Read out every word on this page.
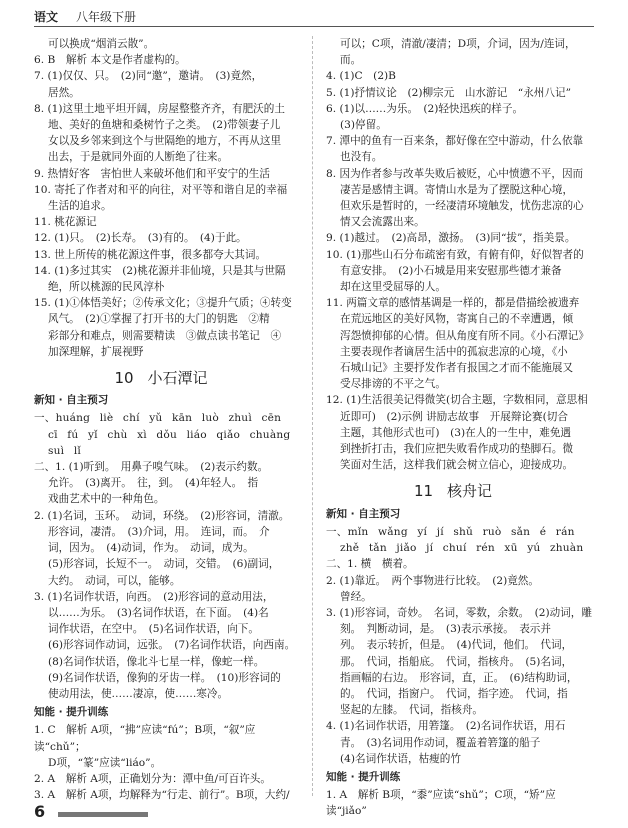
语文 八年级下册
可以换成“烟消云散”。
6. B　解析 本文是作者虚构的。
7. (1)仅仅、只。　(2)同“邀”，邀请。　(3)竟然，
居然。
8. (1)这里土地平坦开阔，房屋整整齐齐，有肥沃的土
地、美好的鱼塘和桑树竹子之类。　(2)带领妻子儿
女以及乡邻来到这个与世隔绝的地方，不再从这里
出去，于是就同外面的人断绝了往来。
9. 热情好客　害怕世人来破坏他们和平安宁的生活
10. 寄托了作者对和平的向往，对平等和谐自足的幸福
生活的追求。
11. 桃花源记
12. (1)只。　(2)长寿。　(3)有的。　(4)于此。
13. 世上所传的桃花源这件事，很多都夸大其词。
14. (1)多过其实　(2)桃花源并非仙境，只是其与世隔
绝，所以桃源的民风淳朴
15. (1)①体悟美好；②传承文化；③提升气质；④转变
风气。　(2)①掌握了打开书的大门的钥匙　②精
彩部分和难点，则需要精读　③做点读书笔记　④
加深理解，扩展视野
10 小石潭记
新知 · 自主预习
一、huáng liè chí yǔ kān luò zhuì cēn
cī fú yǐ chù xì dǒu liáo qiǎo chuàng
suì lǐ
二、1. (1)听到。　用鼻子嗅气味。　(2)表示约数。
允许。　(3)离开。　往，到。　(4)年轻人。　指
戏曲艺术中的一种角色。
2. (1)名词，玉环。　动词，环绕。　(2)形容词，清澈。
形容词，凄清。　(3)介词，用。　连词，而。　介
词，因为。　(4)动词，作为。　动词，成为。
(5)形容词，长短不一。　动词，交错。　(6)副词，
大约。　动词，可以，能够。
3. (1)名词作状语，向西。　(2)形容词的意动用法，
以……为乐。　(3)名词作状语，在下面。　(4)名
词作状语，在空中。　(5)名词作状语，向下。
(6)形容词作动词，远张。　(7)名词作状语，向西南。
(8)名词作状语，像北斗七星一样，像蛇一样。
(9)名词作状语，像狗的牙齿一样。　(10)形容词的
使动用法，使……凄凉，使……寒冷。
知能 · 提升训练
1. C　解析 A项，“拂”应读“fú”；B项，“叙”应读“chǔ”；
D项，“篆”应读“liáo”。
2. A　解析 A项，正确划分为：潭中鱼/可百许头。
3. A　解析 A项，均解释为“行走、前行”。B项，大约/
可以；C项，清澈/凄清；D项，介词，因为/连词，而。
4. (1)C　(2)B
5. (1)抒情议论　(2)柳宗元　山水游记　“永州八记”
6. (1)以……为乐。　(2)轻快迅疾的样子。
(3)停留。
7. 潭中的鱼有一百来条，都好像在空中游动，什么依靠
也没有。
8. 因为作者参与改革失败后被贬，心中愤懑不平，因而
凄苦是感情主调。寄情山水是为了摆脱这种心境，
但欢乐是暂时的，一经凄清环境触发，忧伤悲凉的心
情又会流露出来。
9. (1)越过。　(2)高昂，激扬。　(3)同“拔”，指美景。
10. (1)那些山石分布疏密有致，有俯有仰，好似智者的
有意安排。　(2)小石城是用来安慰那些德才兼备
却在这里受屈辱的人。
11. 两篇文章的感情基调是一样的，都是借描绘被遗弃
在荒远地区的美好风物，寄寓自己的不幸遭遇，倾
泻怨愤抑郁的心情。但从角度有所不同。《小石潭记》
主要表现作者谪居生活中的孤寂悲凉的心境，《小
石城山记》主要抒发作者有报国之才而不能施展又
受尽排谤的不平之气。
12. (1)生活很美记得微笑(切合主题，字数相同，意思相
近即可)　(2)示例 讲励志故事　开展辩论赛(切合
主题，其他形式也可)　(3)在人的一生中，难免遇
到挫折打击，我们应把失败看作成功的垫脚石。微
笑面对生活，这样我们就会树立信心，迎接成功。
11 核舟记
新知 · 自主预习
一、mǐn wǎng yí jí shǔ ruò sǎn é rán
zhě tǎn jiǎo jí chuí rén xū yú zhuàn
二、1. 横　横着。
2. (1)靠近。　两个事物进行比较。　(2)竟然。
曾经。
3. (1)形容词，奇妙。　名词，零数，余数。　(2)动词，雕
刻。　判断动词，是。　(3)表示承接。　表示并
列。　表示转折，但是。　(4)代词，他们。　代词，
那。　代词，指船底。　代词，指核舟。　(5)名词，
指画幅的右边。　形容词，直，正。　(6)结构助词，
的。　代词，指窗户。　代词，指字迹。　代词，指
竖起的左膝。　代词，指核舟。
4. (1)名词作状语，用箬篷。　(2)名词作状语，用石
青。　(3)名词用作动词，覆盖着箬篷的船子
(4)名词作状语，枯瘦的竹
知能 · 提升训练
1. A　解析 B项，“黍”应读“shǔ”；C项，“矫”应读“jiǎo”
6
